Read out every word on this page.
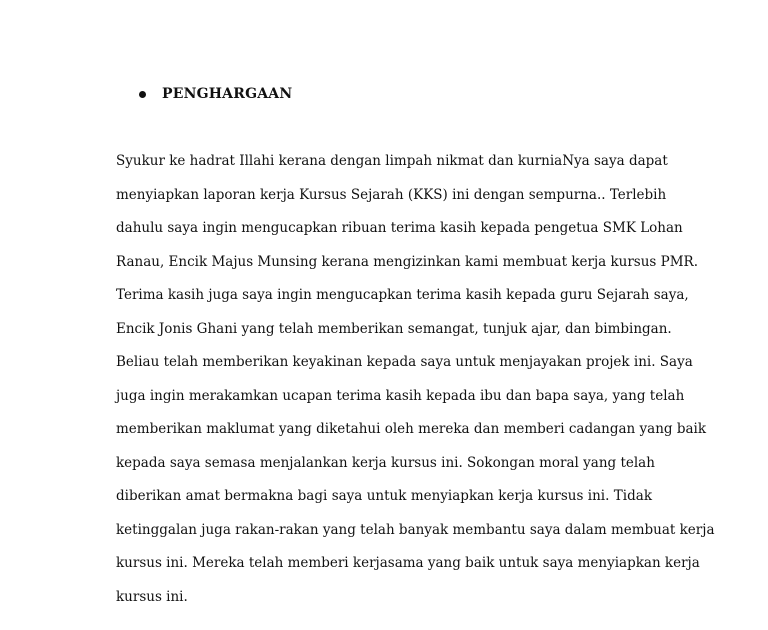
PENGHARGAAN
Syukur ke hadrat Illahi kerana dengan limpah nikmat dan kurniaNya saya dapat
menyiapkan laporan kerja Kursus Sejarah (KKS) ini dengan sempurna.. Terlebih
dahulu saya ingin mengucapkan ribuan terima kasih kepada pengetua SMK Lohan
Ranau, Encik Majus Munsing kerana mengizinkan kami membuat kerja kursus PMR.
Terima kasih juga saya ingin mengucapkan terima kasih kepada guru Sejarah saya,
Encik Jonis Ghani yang telah memberikan semangat, tunjuk ajar, dan bimbingan.
Beliau telah memberikan keyakinan kepada saya untuk menjayakan projek ini. Saya
juga ingin merakamkan ucapan terima kasih kepada ibu dan bapa saya, yang telah
memberikan maklumat yang diketahui oleh mereka dan memberi cadangan yang baik
kepada saya semasa menjalankan kerja kursus ini. Sokongan moral yang telah
diberikan amat bermakna bagi saya untuk menyiapkan kerja kursus ini. Tidak
ketinggalan juga rakan-rakan yang telah banyak membantu saya dalam membuat kerja
kursus ini. Mereka telah memberi kerjasama yang baik untuk saya menyiapkan kerja
kursus ini.
